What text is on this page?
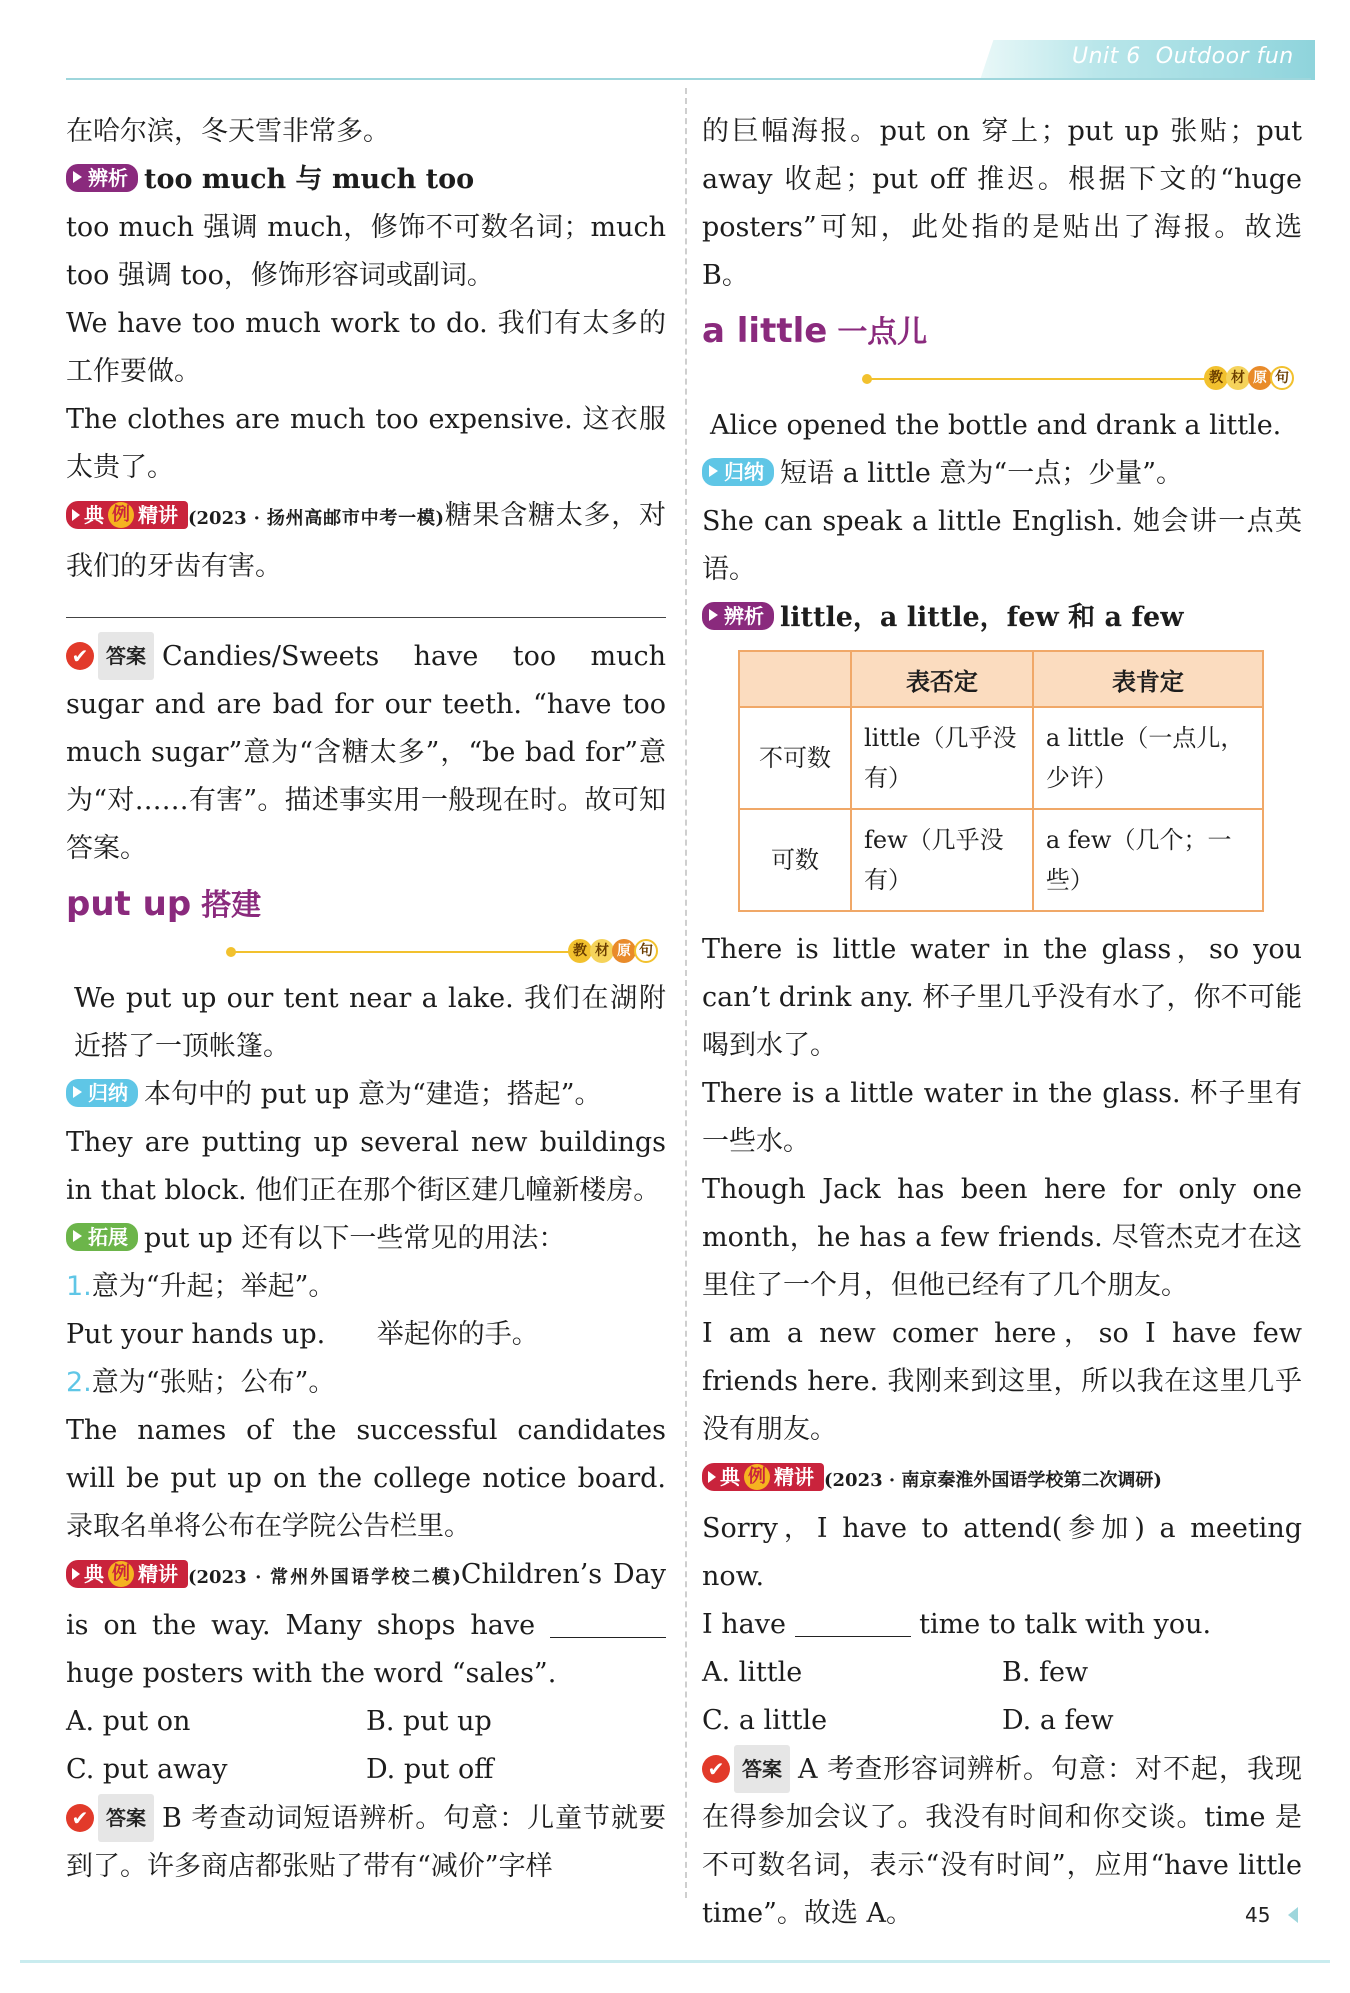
Unit 6 Outdoor fun

在哈尔滨，冬天雪非常多。

辨析 too much 与 much too

too much 强调 much，修饰不可数名词；much too 强调 too，修饰形容词或副词。

We have too much work to do. 我们有太多的工作要做。

The clothes are much too expensive. 这衣服太贵了。

典 例 精讲 (2023 · 扬州高邮市中考一模)糖果含糖太多，对我们的牙齿有害。

✔ 答案 Candies/Sweets have too much sugar and are bad for our teeth. “have too much sugar”意为“含糖太多”，“be bad for”意为“对……有害”。描述事实用一般现在时。故可知答案。

put up 搭建
教 材 原 句

We put up our tent near a lake. 我们在湖附近搭了一顶帐篷。

归纳 本句中的 put up 意为“建造；搭起”。

They are putting up several new buildings in that block. 他们正在那个街区建几幢新楼房。

拓展 put up 还有以下一些常见的用法：

1.意为“升起；举起”。

Put your hands up.      举起你的手。

2.意为“张贴；公布”。

The names of the successful candidates will be put up on the college notice board. 录取名单将公布在学院公告栏里。

典 例 精讲 (2023 · 常州外国语学校二模)Children’s Day is on the way. Many shops have  huge posters with the word “sales”.

A. put on	B. put up

C. put away	D. put off

✔ 答案 B 考查动词短语辨析。句意：儿童节就要到了。许多商店都张贴了带有“减价”字样

的巨幅海报。put on 穿上；put up 张贴；put away 收起；put off 推迟。根据下文的“huge posters”可知，此处指的是贴出了海报。故选 B。

a little 一点儿
教 材 原 句

Alice opened the bottle and drank a little.

归纳 短语 a little 意为“一点；少量”。

She can speak a little English. 她会讲一点英语。

辨析 little，a little，few 和 a few

	表否定	表肯定
不可数	little（几乎没有）	a little（一点儿，少许）
可数	few（几乎没有）	a few（几个；一些）

There is little water in the glass，so you can’t drink any. 杯子里几乎没有水了，你不可能喝到水了。

There is a little water in the glass. 杯子里有一些水。

Though Jack has been here for only one month，he has a few friends. 尽管杰克才在这里住了一个月，但他已经有了几个朋友。

I am a new comer here，so I have few friends here. 我刚来到这里，所以我在这里几乎没有朋友。

典 例 精讲 (2023 · 南京秦淮外国语学校第二次调研)

Sorry，I have to attend(参加) a meeting now.

I have	time to talk with you.

A. little	B. few

C. a little	D. a few

✔ 答案 A 考查形容词辨析。句意：对不起，我现在得参加会议了。我没有时间和你交谈。time 是不可数名词，表示“没有时间”，应用“have little time”。故选 A。	45
